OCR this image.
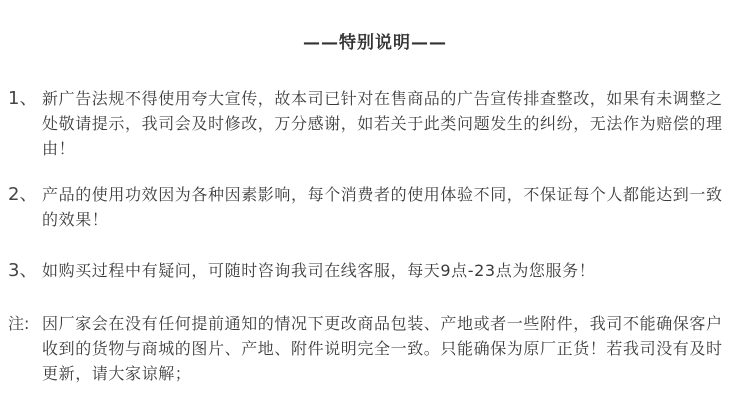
——特别说明——
1、 新广告法规不得使用夸大宣传，故本司已针对在售商品的广告宣传排查整改，如果有未调整之处敬请提示，我司会及时修改，万分感谢，如若关于此类问题发生的纠纷，无法作为赔偿的理由！
2、 产品的使用功效因为各种因素影响，每个消费者的使用体验不同，不保证每个人都能达到一致的效果！
3、 如购买过程中有疑问，可随时咨询我司在线客服，每天9点-23点为您服务！
注: 因厂家会在没有任何提前通知的情况下更改商品包装、产地或者一些附件，我司不能确保客户收到的货物与商城的图片、产地、附件说明完全一致。只能确保为原厂正货！若我司没有及时更新，请大家谅解；
